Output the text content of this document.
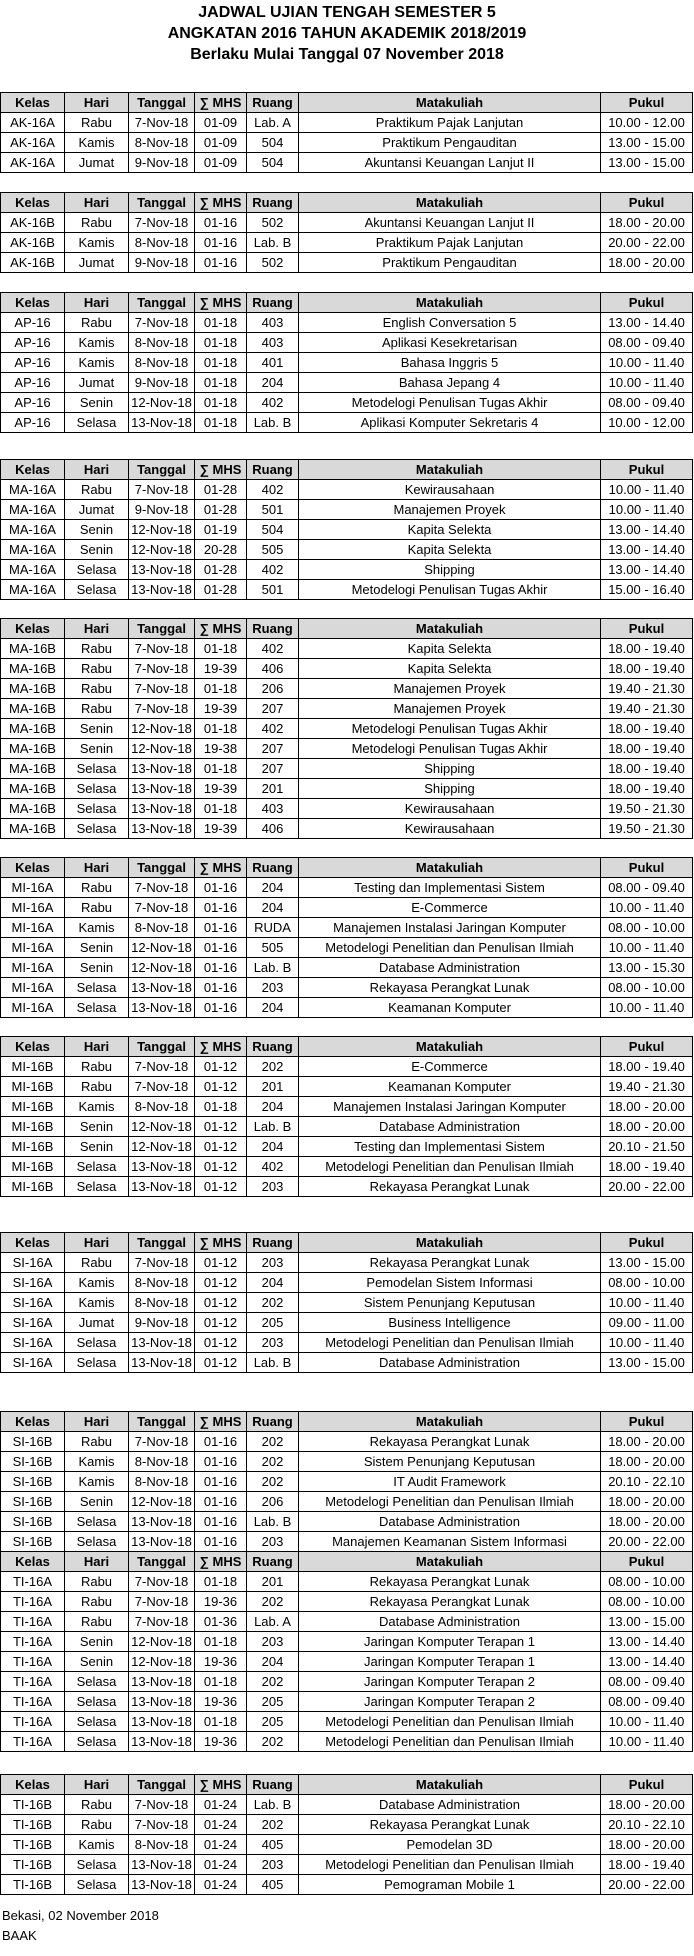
JADWAL UJIAN TENGAH SEMESTER 5
ANGKATAN 2016 TAHUN AKADEMIK 2018/2019
Berlaku Mulai Tanggal 07 November 2018
Kelas	Hari	Tanggal	∑ MHS	Ruang	Matakuliah	Pukul
AK-16A	Rabu	7-Nov-18	01-09	Lab. A	Praktikum Pajak Lanjutan	10.00 - 12.00
AK-16A	Kamis	8-Nov-18	01-09	504	Praktikum Pengauditan	13.00 - 15.00
AK-16A	Jumat	9-Nov-18	01-09	504	Akuntansi Keuangan Lanjut II	13.00 - 15.00
Kelas	Hari	Tanggal	∑ MHS	Ruang	Matakuliah	Pukul
AK-16B	Rabu	7-Nov-18	01-16	502	Akuntansi Keuangan Lanjut II	18.00 - 20.00
AK-16B	Kamis	8-Nov-18	01-16	Lab. B	Praktikum Pajak Lanjutan	20.00 - 22.00
AK-16B	Jumat	9-Nov-18	01-16	502	Praktikum Pengauditan	18.00 - 20.00
Kelas	Hari	Tanggal	∑ MHS	Ruang	Matakuliah	Pukul
AP-16	Rabu	7-Nov-18	01-18	403	English Conversation 5	13.00 - 14.40
AP-16	Kamis	8-Nov-18	01-18	403	Aplikasi Kesekretarisan	08.00 - 09.40
AP-16	Kamis	8-Nov-18	01-18	401	Bahasa Inggris 5	10.00 - 11.40
AP-16	Jumat	9-Nov-18	01-18	204	Bahasa Jepang 4	10.00 - 11.40
AP-16	Senin	12-Nov-18	01-18	402	Metodelogi Penulisan Tugas Akhir	08.00 - 09.40
AP-16	Selasa	13-Nov-18	01-18	Lab. B	Aplikasi Komputer Sekretaris 4	10.00 - 12.00
Kelas	Hari	Tanggal	∑ MHS	Ruang	Matakuliah	Pukul
MA-16A	Rabu	7-Nov-18	01-28	402	Kewirausahaan	10.00 - 11.40
MA-16A	Jumat	9-Nov-18	01-28	501	Manajemen Proyek	10.00 - 11.40
MA-16A	Senin	12-Nov-18	01-19	504	Kapita Selekta	13.00 - 14.40
MA-16A	Senin	12-Nov-18	20-28	505	Kapita Selekta	13.00 - 14.40
MA-16A	Selasa	13-Nov-18	01-28	402	Shipping	13.00 - 14.40
MA-16A	Selasa	13-Nov-18	01-28	501	Metodelogi Penulisan Tugas Akhir	15.00 - 16.40
Kelas	Hari	Tanggal	∑ MHS	Ruang	Matakuliah	Pukul
MA-16B	Rabu	7-Nov-18	01-18	402	Kapita Selekta	18.00 - 19.40
MA-16B	Rabu	7-Nov-18	19-39	406	Kapita Selekta	18.00 - 19.40
MA-16B	Rabu	7-Nov-18	01-18	206	Manajemen Proyek	19.40 - 21.30
MA-16B	Rabu	7-Nov-18	19-39	207	Manajemen Proyek	19.40 - 21.30
MA-16B	Senin	12-Nov-18	01-18	402	Metodelogi Penulisan Tugas Akhir	18.00 - 19.40
MA-16B	Senin	12-Nov-18	19-38	207	Metodelogi Penulisan Tugas Akhir	18.00 - 19.40
MA-16B	Selasa	13-Nov-18	01-18	207	Shipping	18.00 - 19.40
MA-16B	Selasa	13-Nov-18	19-39	201	Shipping	18.00 - 19.40
MA-16B	Selasa	13-Nov-18	01-18	403	Kewirausahaan	19.50 - 21.30
MA-16B	Selasa	13-Nov-18	19-39	406	Kewirausahaan	19.50 - 21.30
Kelas	Hari	Tanggal	∑ MHS	Ruang	Matakuliah	Pukul
MI-16A	Rabu	7-Nov-18	01-16	204	Testing dan Implementasi Sistem	08.00 - 09.40
MI-16A	Rabu	7-Nov-18	01-16	204	E-Commerce	10.00 - 11.40
MI-16A	Kamis	8-Nov-18	01-16	RUDA	Manajemen Instalasi Jaringan Komputer	08.00 - 10.00
MI-16A	Senin	12-Nov-18	01-16	505	Metodelogi Penelitian dan Penulisan Ilmiah	10.00 - 11.40
MI-16A	Senin	12-Nov-18	01-16	Lab. B	Database Administration	13.00 - 15.30
MI-16A	Selasa	13-Nov-18	01-16	203	Rekayasa Perangkat Lunak	08.00 - 10.00
MI-16A	Selasa	13-Nov-18	01-16	204	Keamanan Komputer	10.00 - 11.40
Kelas	Hari	Tanggal	∑ MHS	Ruang	Matakuliah	Pukul
MI-16B	Rabu	7-Nov-18	01-12	202	E-Commerce	18.00 - 19.40
MI-16B	Rabu	7-Nov-18	01-12	201	Keamanan Komputer	19.40 - 21.30
MI-16B	Kamis	8-Nov-18	01-18	204	Manajemen Instalasi Jaringan Komputer	18.00 - 20.00
MI-16B	Senin	12-Nov-18	01-12	Lab. B	Database Administration	18.00 - 20.00
MI-16B	Senin	12-Nov-18	01-12	204	Testing dan Implementasi Sistem	20.10 - 21.50
MI-16B	Selasa	13-Nov-18	01-12	402	Metodelogi Penelitian dan Penulisan Ilmiah	18.00 - 19.40
MI-16B	Selasa	13-Nov-18	01-12	203	Rekayasa Perangkat Lunak	20.00 - 22.00
Kelas	Hari	Tanggal	∑ MHS	Ruang	Matakuliah	Pukul
SI-16A	Rabu	7-Nov-18	01-12	203	Rekayasa Perangkat Lunak	13.00 - 15.00
SI-16A	Kamis	8-Nov-18	01-12	204	Pemodelan Sistem Informasi	08.00 - 10.00
SI-16A	Kamis	8-Nov-18	01-12	202	Sistem Penunjang Keputusan	10.00 - 11.40
SI-16A	Jumat	9-Nov-18	01-12	205	Business Intelligence	09.00 - 11.00
SI-16A	Selasa	13-Nov-18	01-12	203	Metodelogi Penelitian dan Penulisan Ilmiah	10.00 - 11.40
SI-16A	Selasa	13-Nov-18	01-12	Lab. B	Database Administration	13.00 - 15.00
Kelas	Hari	Tanggal	∑ MHS	Ruang	Matakuliah	Pukul
SI-16B	Rabu	7-Nov-18	01-16	202	Rekayasa Perangkat Lunak	18.00 - 20.00
SI-16B	Kamis	8-Nov-18	01-16	202	Sistem Penunjang Keputusan	18.00 - 20.00
SI-16B	Kamis	8-Nov-18	01-16	202	IT Audit Framework	20.10 - 22.10
SI-16B	Senin	12-Nov-18	01-16	206	Metodelogi Penelitian dan Penulisan Ilmiah	18.00 - 20.00
SI-16B	Selasa	13-Nov-18	01-16	Lab. B	Database Administration	18.00 - 20.00
SI-16B	Selasa	13-Nov-18	01-16	203	Manajemen Keamanan Sistem Informasi	20.00 - 22.00
Kelas	Hari	Tanggal	∑ MHS	Ruang	Matakuliah	Pukul
TI-16A	Rabu	7-Nov-18	01-18	201	Rekayasa Perangkat Lunak	08.00 - 10.00
TI-16A	Rabu	7-Nov-18	19-36	202	Rekayasa Perangkat Lunak	08.00 - 10.00
TI-16A	Rabu	7-Nov-18	01-36	Lab. A	Database Administration	13.00 - 15.00
TI-16A	Senin	12-Nov-18	01-18	203	Jaringan Komputer Terapan 1	13.00 - 14.40
TI-16A	Senin	12-Nov-18	19-36	204	Jaringan Komputer Terapan 1	13.00 - 14.40
TI-16A	Selasa	13-Nov-18	01-18	202	Jaringan Komputer Terapan 2	08.00 - 09.40
TI-16A	Selasa	13-Nov-18	19-36	205	Jaringan Komputer Terapan 2	08.00 - 09.40
TI-16A	Selasa	13-Nov-18	01-18	205	Metodelogi Penelitian dan Penulisan Ilmiah	10.00 - 11.40
TI-16A	Selasa	13-Nov-18	19-36	202	Metodelogi Penelitian dan Penulisan Ilmiah	10.00 - 11.40
Kelas	Hari	Tanggal	∑ MHS	Ruang	Matakuliah	Pukul
TI-16B	Rabu	7-Nov-18	01-24	Lab. B	Database Administration	18.00 - 20.00
TI-16B	Rabu	7-Nov-18	01-24	202	Rekayasa Perangkat Lunak	20.10 - 22.10
TI-16B	Kamis	8-Nov-18	01-24	405	Pemodelan 3D	18.00 - 20.00
TI-16B	Selasa	13-Nov-18	01-24	203	Metodelogi Penelitian dan Penulisan Ilmiah	18.00 - 19.40
TI-16B	Selasa	13-Nov-18	01-24	405	Pemograman Mobile 1	20.00 - 22.00
Bekasi, 02 November 2018
BAAK
